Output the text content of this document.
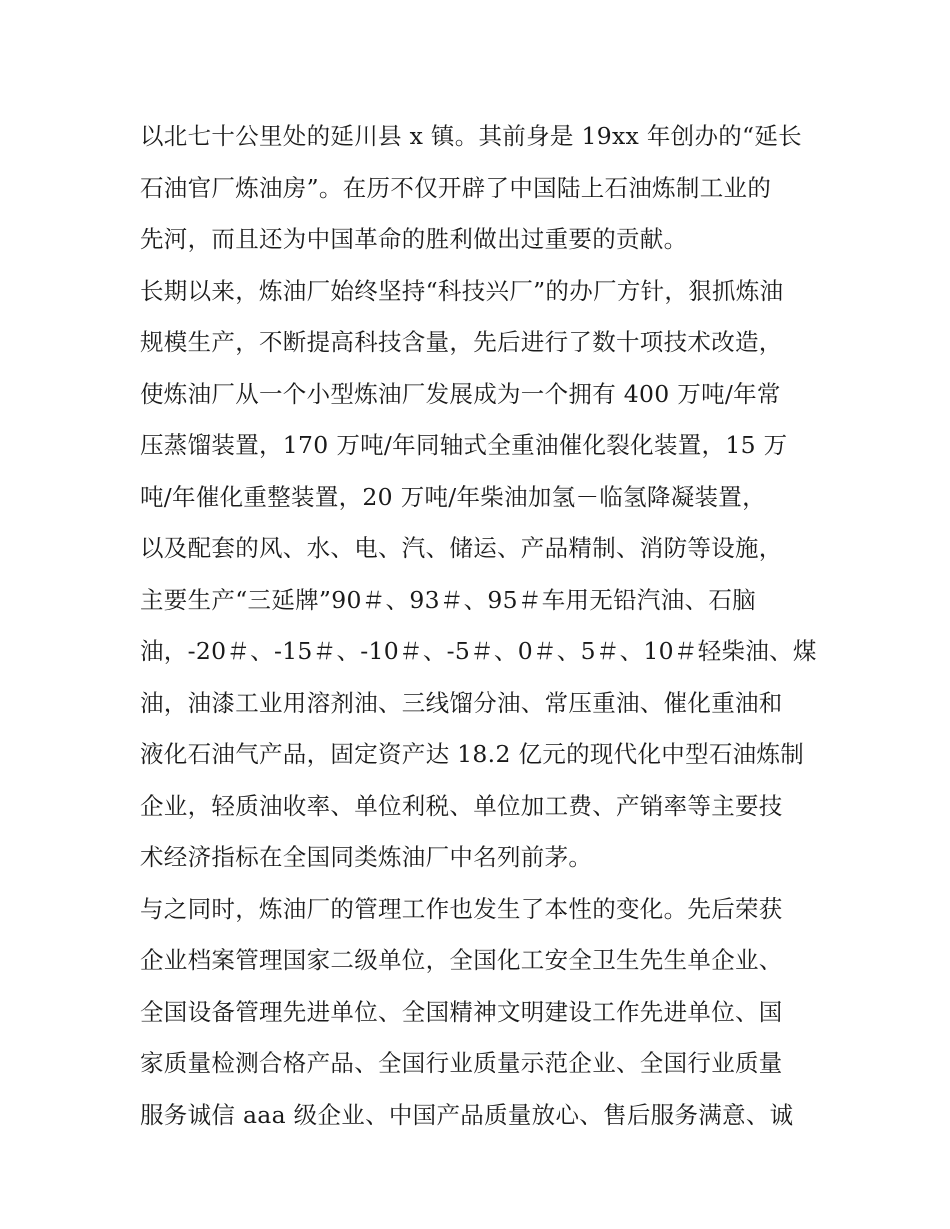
以北七十公里处的延川县 x 镇。其前身是 19xx 年创办的“延长
石油官厂炼油房”。在历不仅开辟了中国陆上石油炼制工业的
先河，而且还为中国革命的胜利做出过重要的贡献。
长期以来，炼油厂始终坚持“科技兴厂”的办厂方针，狠抓炼油
规模生产，不断提高科技含量，先后进行了数十项技术改造，
使炼油厂从一个小型炼油厂发展成为一个拥有 400 万吨/年常
压蒸馏装置，170 万吨/年同轴式全重油催化裂化装置，15 万
吨/年催化重整装置，20 万吨/年柴油加氢－临氢降凝装置，
以及配套的风、水、电、汽、储运、产品精制、消防等设施，
主要生产“三延牌”90＃、93＃、95＃车用无铅汽油、石脑
油，-20＃、-15＃、-10＃、-5＃、0＃、5＃、10＃轻柴油、煤
油，油漆工业用溶剂油、三线馏分油、常压重油、催化重油和
液化石油气产品，固定资产达 18.2 亿元的现代化中型石油炼制
企业，轻质油收率、单位利税、单位加工费、产销率等主要技
术经济指标在全国同类炼油厂中名列前茅。
与之同时，炼油厂的管理工作也发生了本性的变化。先后荣获
企业档案管理国家二级单位，全国化工安全卫生先生单企业、
全国设备管理先进单位、全国精神文明建设工作先进单位、国
家质量检测合格产品、全国行业质量示范企业、全国行业质量
服务诚信 aaa 级企业、中国产品质量放心、售后服务满意、诚
